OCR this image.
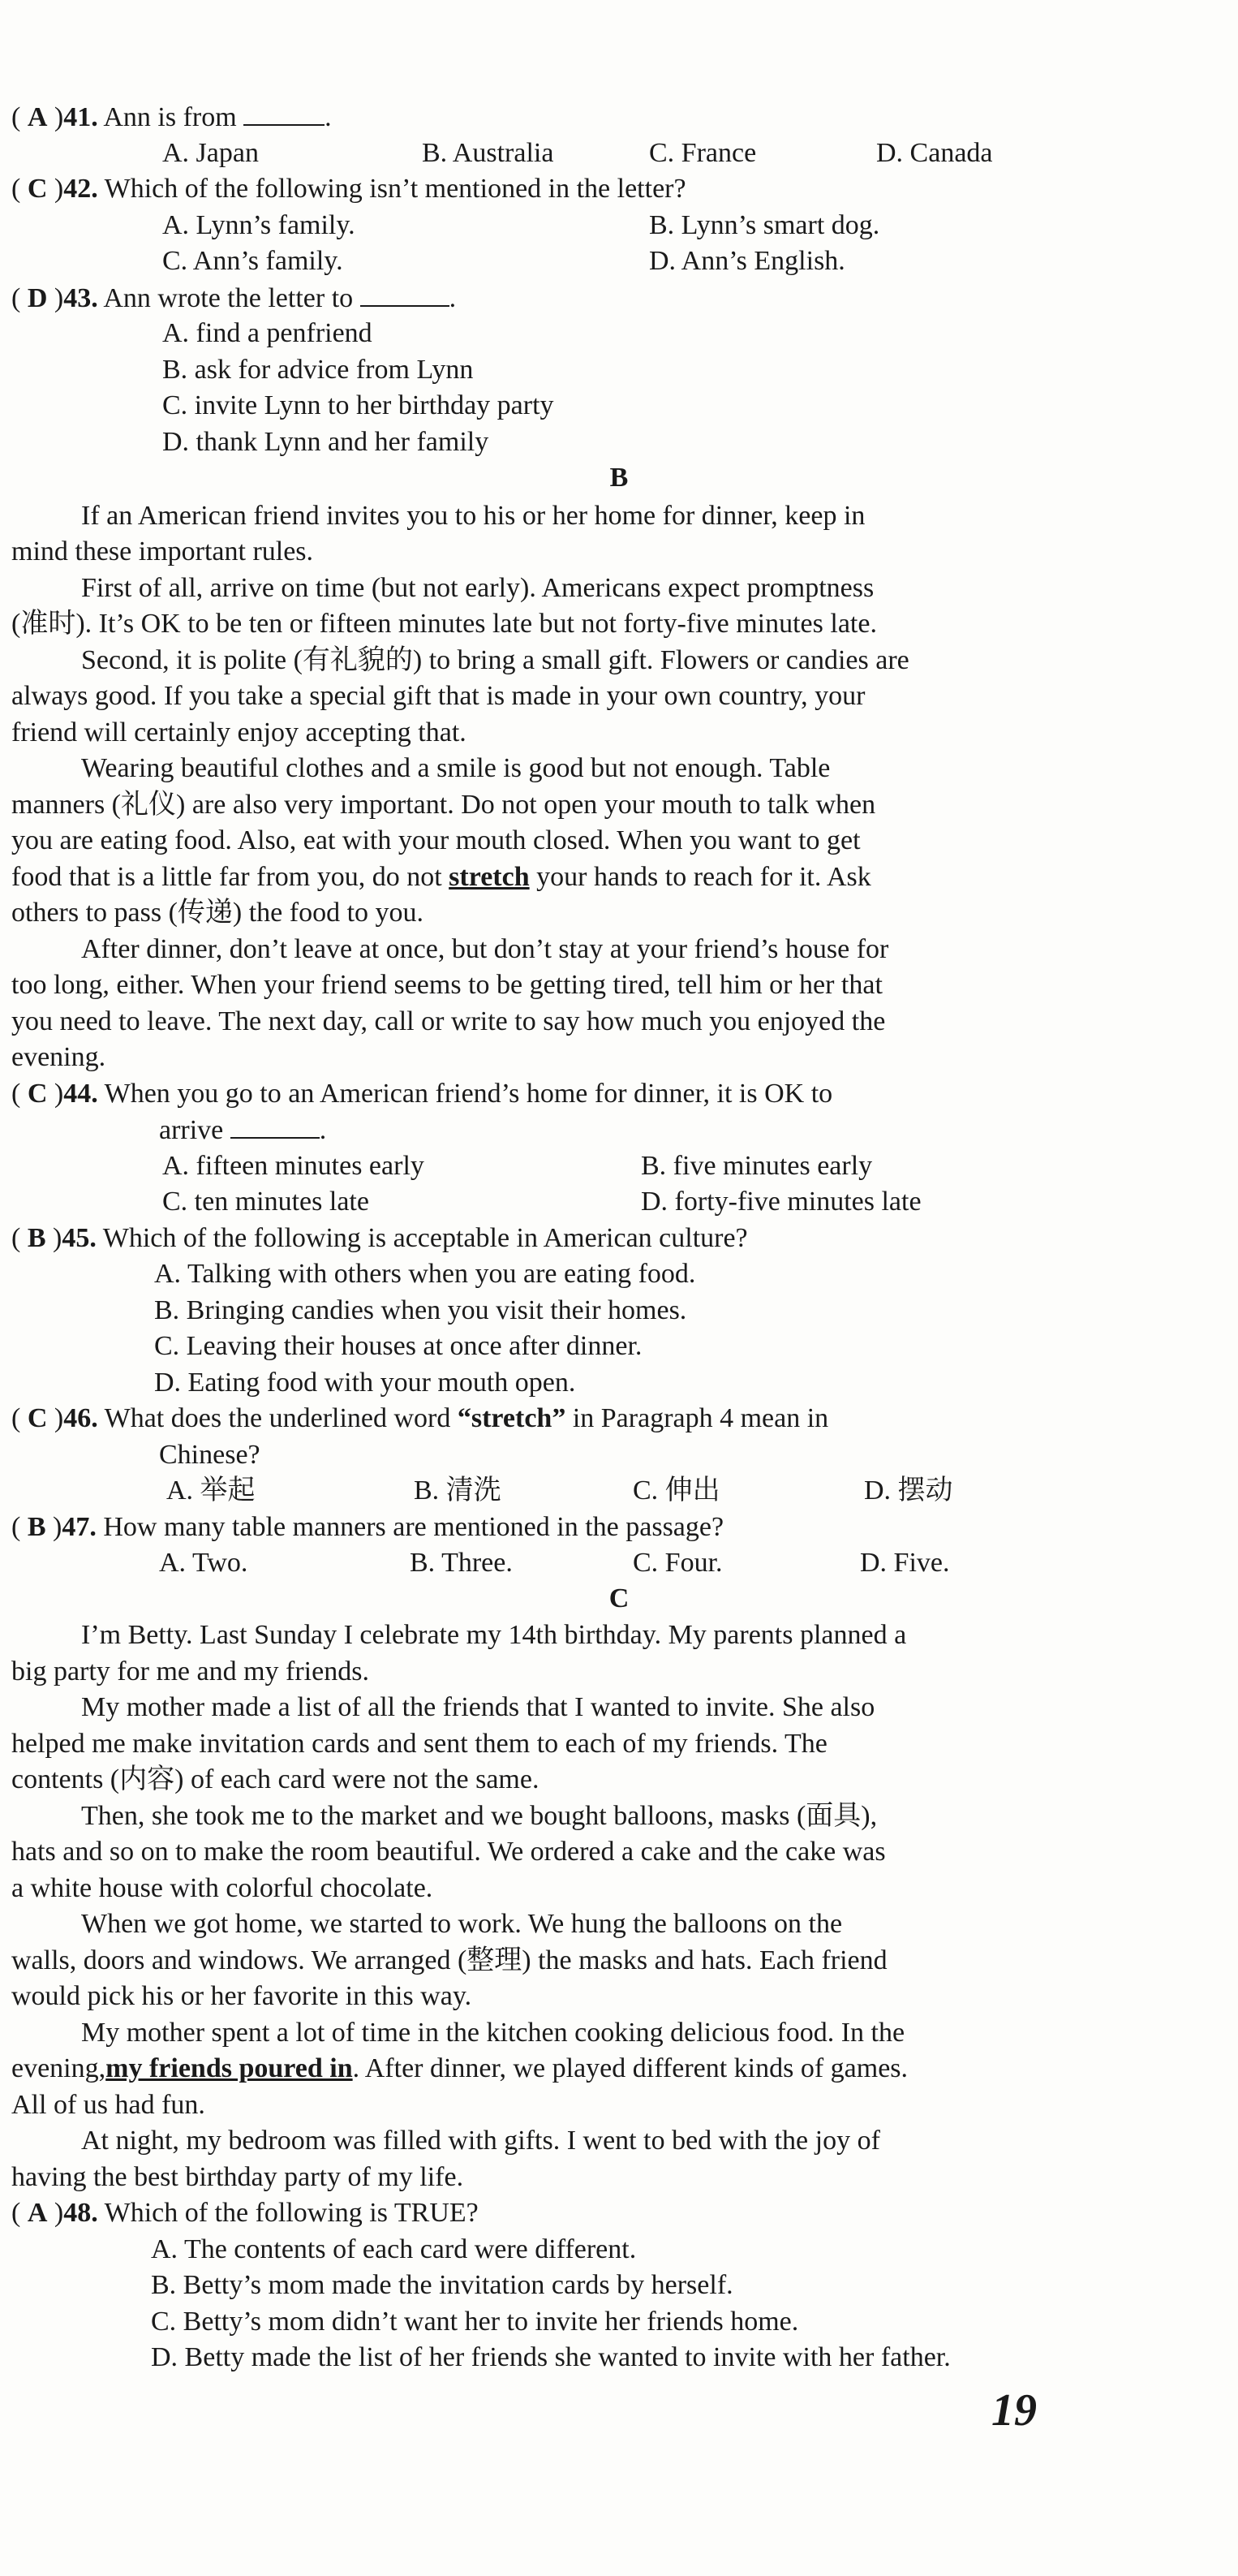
( A )41. Ann is from	.
A. Japan	B. Australia	C. France	D. Canada
( C )42. Which of the following isn’t mentioned in the letter?
A. Lynn’s family.	B. Lynn’s smart dog.
C. Ann’s family.	D. Ann’s English.
( D )43. Ann wrote the letter to	.
A. find a penfriend
B. ask for advice from Lynn
C. invite Lynn to her birthday party
D. thank Lynn and her family
B
If an American friend invites you to his or her home for dinner, keep in
mind these important rules.
First of all, arrive on time (but not early). Americans expect promptness
(准时). It’s OK to be ten or fifteen minutes late but not forty-five minutes late.
Second, it is polite (有礼貌的) to bring a small gift. Flowers or candies are
always good. If you take a special gift that is made in your own country, your
friend will certainly enjoy accepting that.
Wearing beautiful clothes and a smile is good but not enough. Table
manners (礼仪) are also very important. Do not open your mouth to talk when
you are eating food. Also, eat with your mouth closed. When you want to get
food that is a little far from you, do not stretch your hands to reach for it. Ask
others to pass (传递) the food to you.
After dinner, don’t leave at once, but don’t stay at your friend’s house for
too long, either. When your friend seems to be getting tired, tell him or her that
you need to leave. The next day, call or write to say how much you enjoyed the
evening.
( C )44. When you go to an American friend’s home for dinner, it is OK to
arrive	.
A. fifteen minutes early	B. five minutes early
C. ten minutes late	D. forty-five minutes late
( B )45. Which of the following is acceptable in American culture?
A. Talking with others when you are eating food.
B. Bringing candies when you visit their homes.
C. Leaving their houses at once after dinner.
D. Eating food with your mouth open.
( C )46. What does the underlined word “stretch” in Paragraph 4 mean in
Chinese?
A. 举起	B. 清洗	C. 伸出	D. 摆动
( B )47. How many table manners are mentioned in the passage?
A. Two.	B. Three.	C. Four.	D. Five.
C
I’m Betty. Last Sunday I celebrate my 14th birthday. My parents planned a
big party for me and my friends.
My mother made a list of all the friends that I wanted to invite. She also
helped me make invitation cards and sent them to each of my friends. The
contents (内容) of each card were not the same.
Then, she took me to the market and we bought balloons, masks (面具),
hats and so on to make the room beautiful. We ordered a cake and the cake was
a white house with colorful chocolate.
When we got home, we started to work. We hung the balloons on the
walls, doors and windows. We arranged (整理) the masks and hats. Each friend
would pick his or her favorite in this way.
My mother spent a lot of time in the kitchen cooking delicious food. In the
evening,my friends poured in. After dinner, we played different kinds of games.
All of us had fun.
At night, my bedroom was filled with gifts. I went to bed with the joy of
having the best birthday party of my life.
( A )48. Which of the following is TRUE?
A. The contents of each card were different.
B. Betty’s mom made the invitation cards by herself.
C. Betty’s mom didn’t want her to invite her friends home.
D. Betty made the list of her friends she wanted to invite with her father.
19
